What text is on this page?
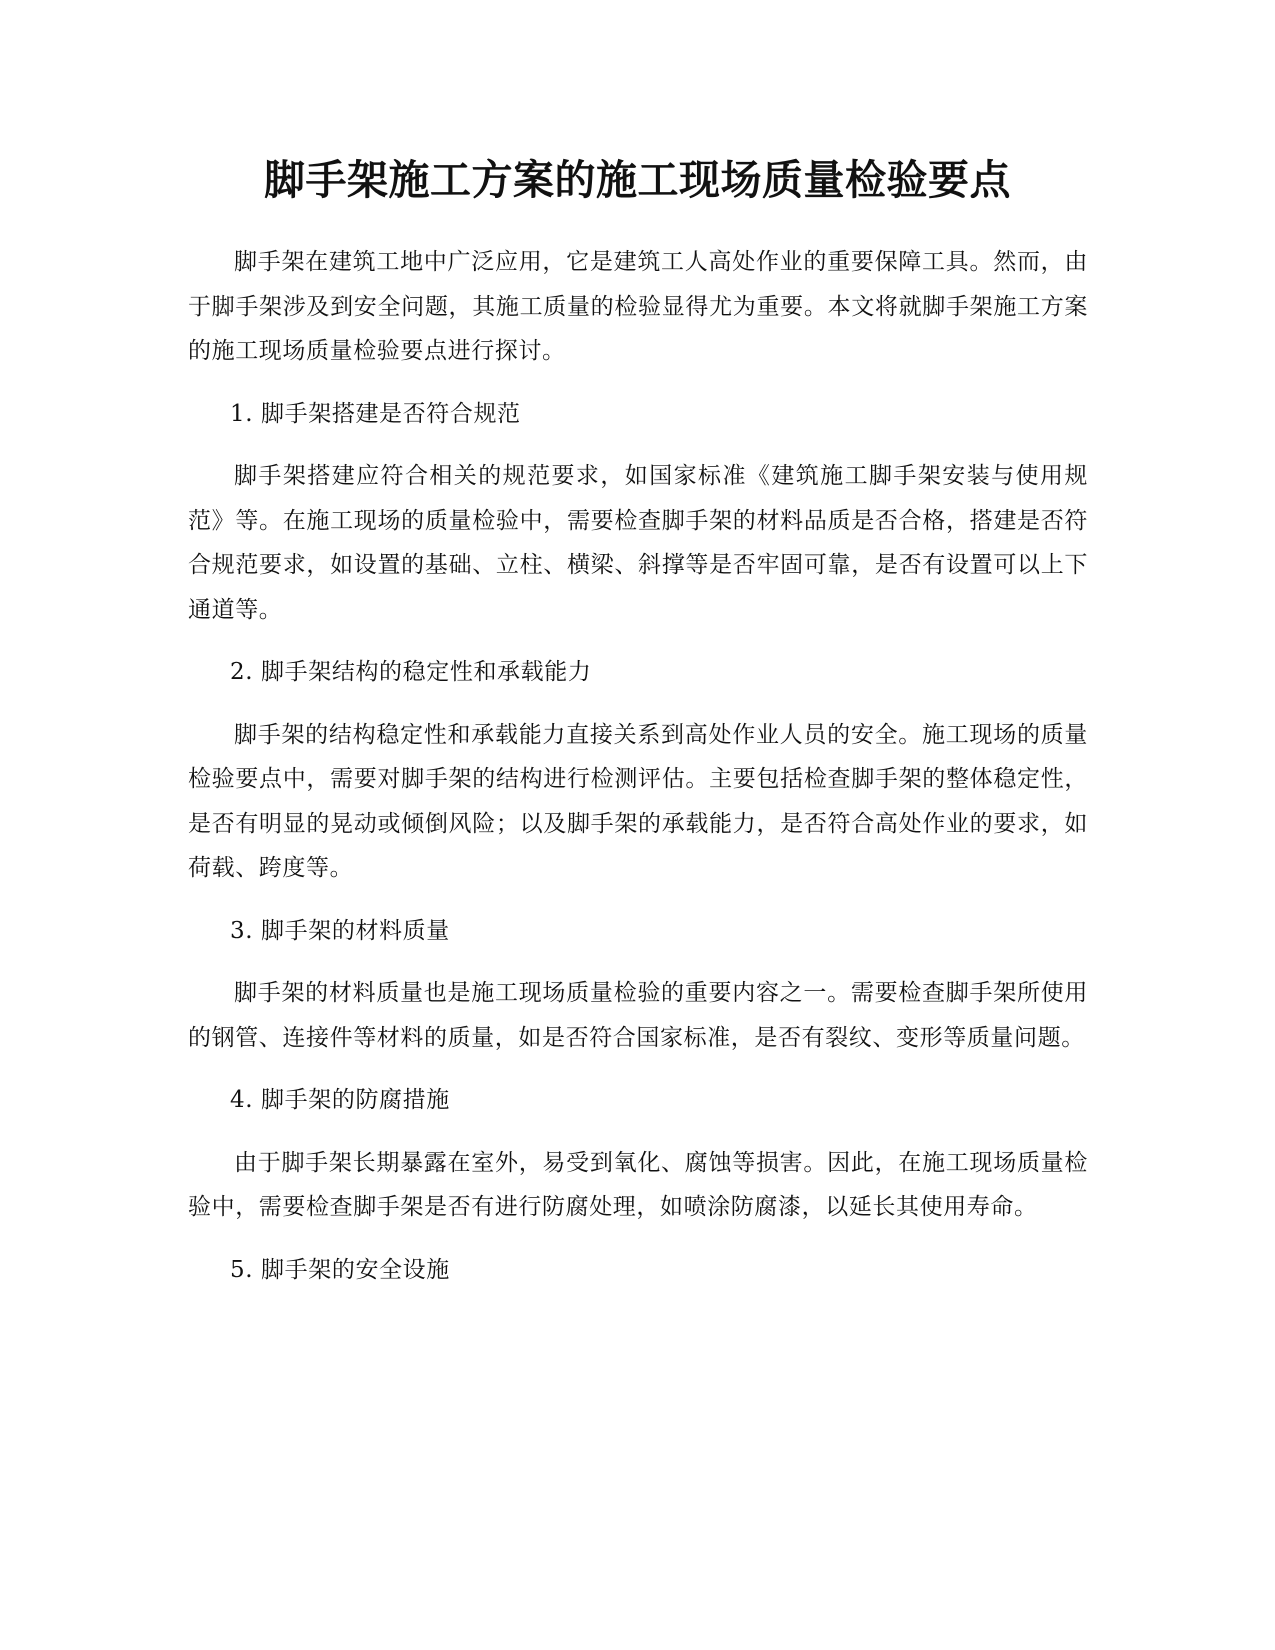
脚手架施工方案的施工现场质量检验要点

脚手架在建筑工地中广泛应用，它是建筑工人高处作业的重要保障工具。然而，由于脚手架涉及到安全问题，其施工质量的检验显得尤为重要。本文将就脚手架施工方案的施工现场质量检验要点进行探讨。

1. 脚手架搭建是否符合规范

脚手架搭建应符合相关的规范要求，如国家标准《建筑施工脚手架安装与使用规范》等。在施工现场的质量检验中，需要检查脚手架的材料品质是否合格，搭建是否符合规范要求，如设置的基础、立柱、横梁、斜撑等是否牢固可靠，是否有设置可以上下通道等。

2. 脚手架结构的稳定性和承载能力

脚手架的结构稳定性和承载能力直接关系到高处作业人员的安全。施工现场的质量检验要点中，需要对脚手架的结构进行检测评估。主要包括检查脚手架的整体稳定性，是否有明显的晃动或倾倒风险；以及脚手架的承载能力，是否符合高处作业的要求，如荷载、跨度等。

3. 脚手架的材料质量

脚手架的材料质量也是施工现场质量检验的重要内容之一。需要检查脚手架所使用的钢管、连接件等材料的质量，如是否符合国家标准，是否有裂纹、变形等质量问题。

4. 脚手架的防腐措施

由于脚手架长期暴露在室外，易受到氧化、腐蚀等损害。因此，在施工现场质量检验中，需要检查脚手架是否有进行防腐处理，如喷涂防腐漆，以延长其使用寿命。

5. 脚手架的安全设施
